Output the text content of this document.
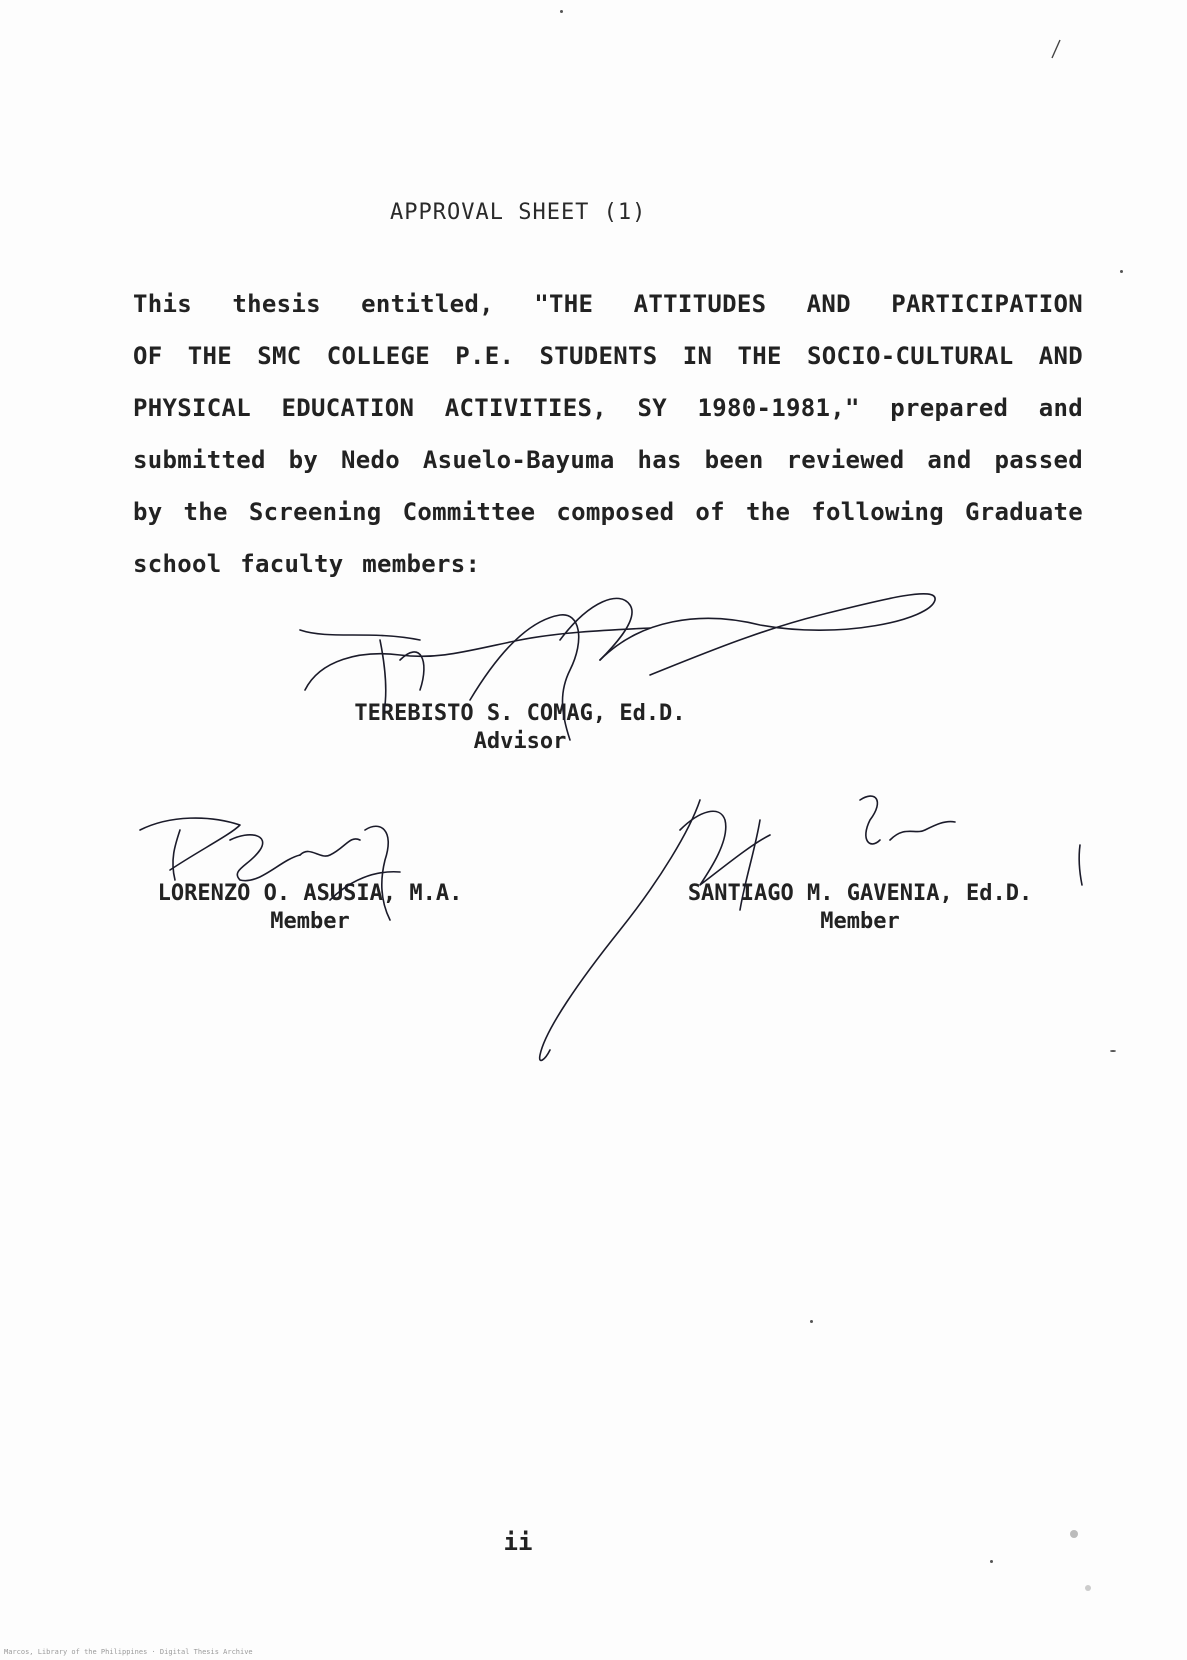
APPROVAL SHEET (1)
This thesis entitled, "THE ATTITUDES AND PARTICIPATION
OF THE SMC COLLEGE P.E. STUDENTS IN THE SOCIO-CULTURAL AND
PHYSICAL EDUCATION ACTIVITIES, SY 1980-1981," prepared and
submitted by Nedo Asuelo-Bayuma has been reviewed and passed
by the Screening Committee composed of the following Graduate
school faculty members:
TEREBISTO S. COMAG, Ed.D.
Advisor
LORENZO O. ASUSIA, M.A.
Member
SANTIAGO M. GAVENIA, Ed.D.
Member
ii
Marcos, Library of the Philippines · Digital Thesis Archive
